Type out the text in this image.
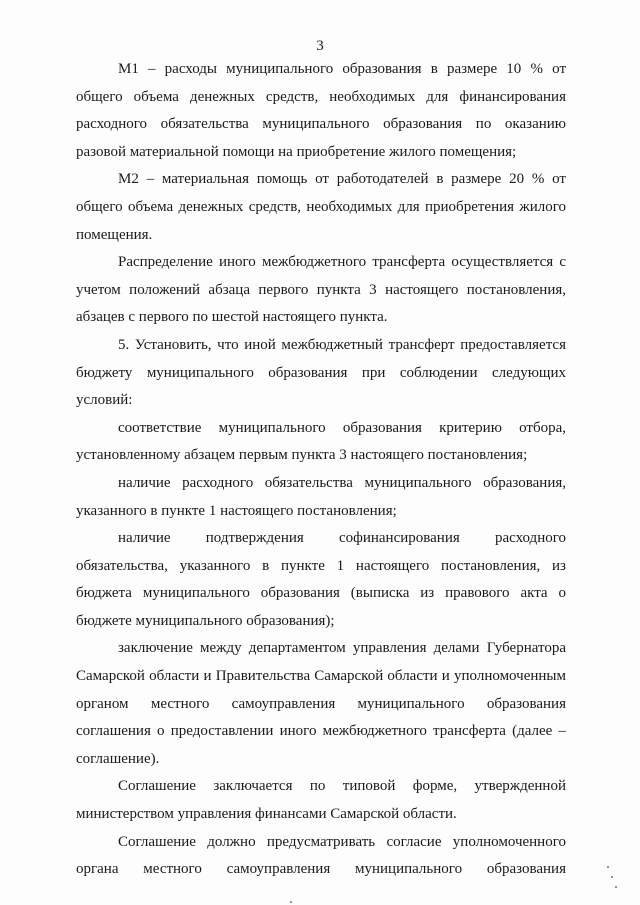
3

М1 – расходы муниципального образования в размере 10 % от общего объема денежных средств, необходимых для финансирования расходного обязательства муниципального образования по оказанию разовой материальной помощи на приобретение жилого помещения;

М2 – материальная помощь от работодателей в размере 20 % от общего объема денежных средств, необходимых для приобретения жилого помещения.

Распределение иного межбюджетного трансферта осуществляется с учетом положений абзаца первого пункта 3 настоящего постановления, абзацев с первого по шестой настоящего пункта.

5. Установить, что иной межбюджетный трансферт предоставляется бюджету муниципального образования при соблюдении следующих условий:

соответствие муниципального образования критерию отбора, установленному абзацем первым пункта 3 настоящего постановления;

наличие расходного обязательства муниципального образования, указанного в пункте 1 настоящего постановления;

наличие подтверждения софинансирования расходного обязательства, указанного в пункте 1 настоящего постановления, из бюджета муниципального образования (выписка из правового акта о бюджете муниципального образования);

заключение между департаментом управления делами Губернатора Самарской области и Правительства Самарской области и уполномоченным органом местного самоуправления муниципального образования соглашения о предоставлении иного межбюджетного трансферта (далее – соглашение).

Соглашение заключается по типовой форме, утвержденной министерством управления финансами Самарской области.

Соглашение должно предусматривать согласие уполномоченного органа местного самоуправления муниципального образования
